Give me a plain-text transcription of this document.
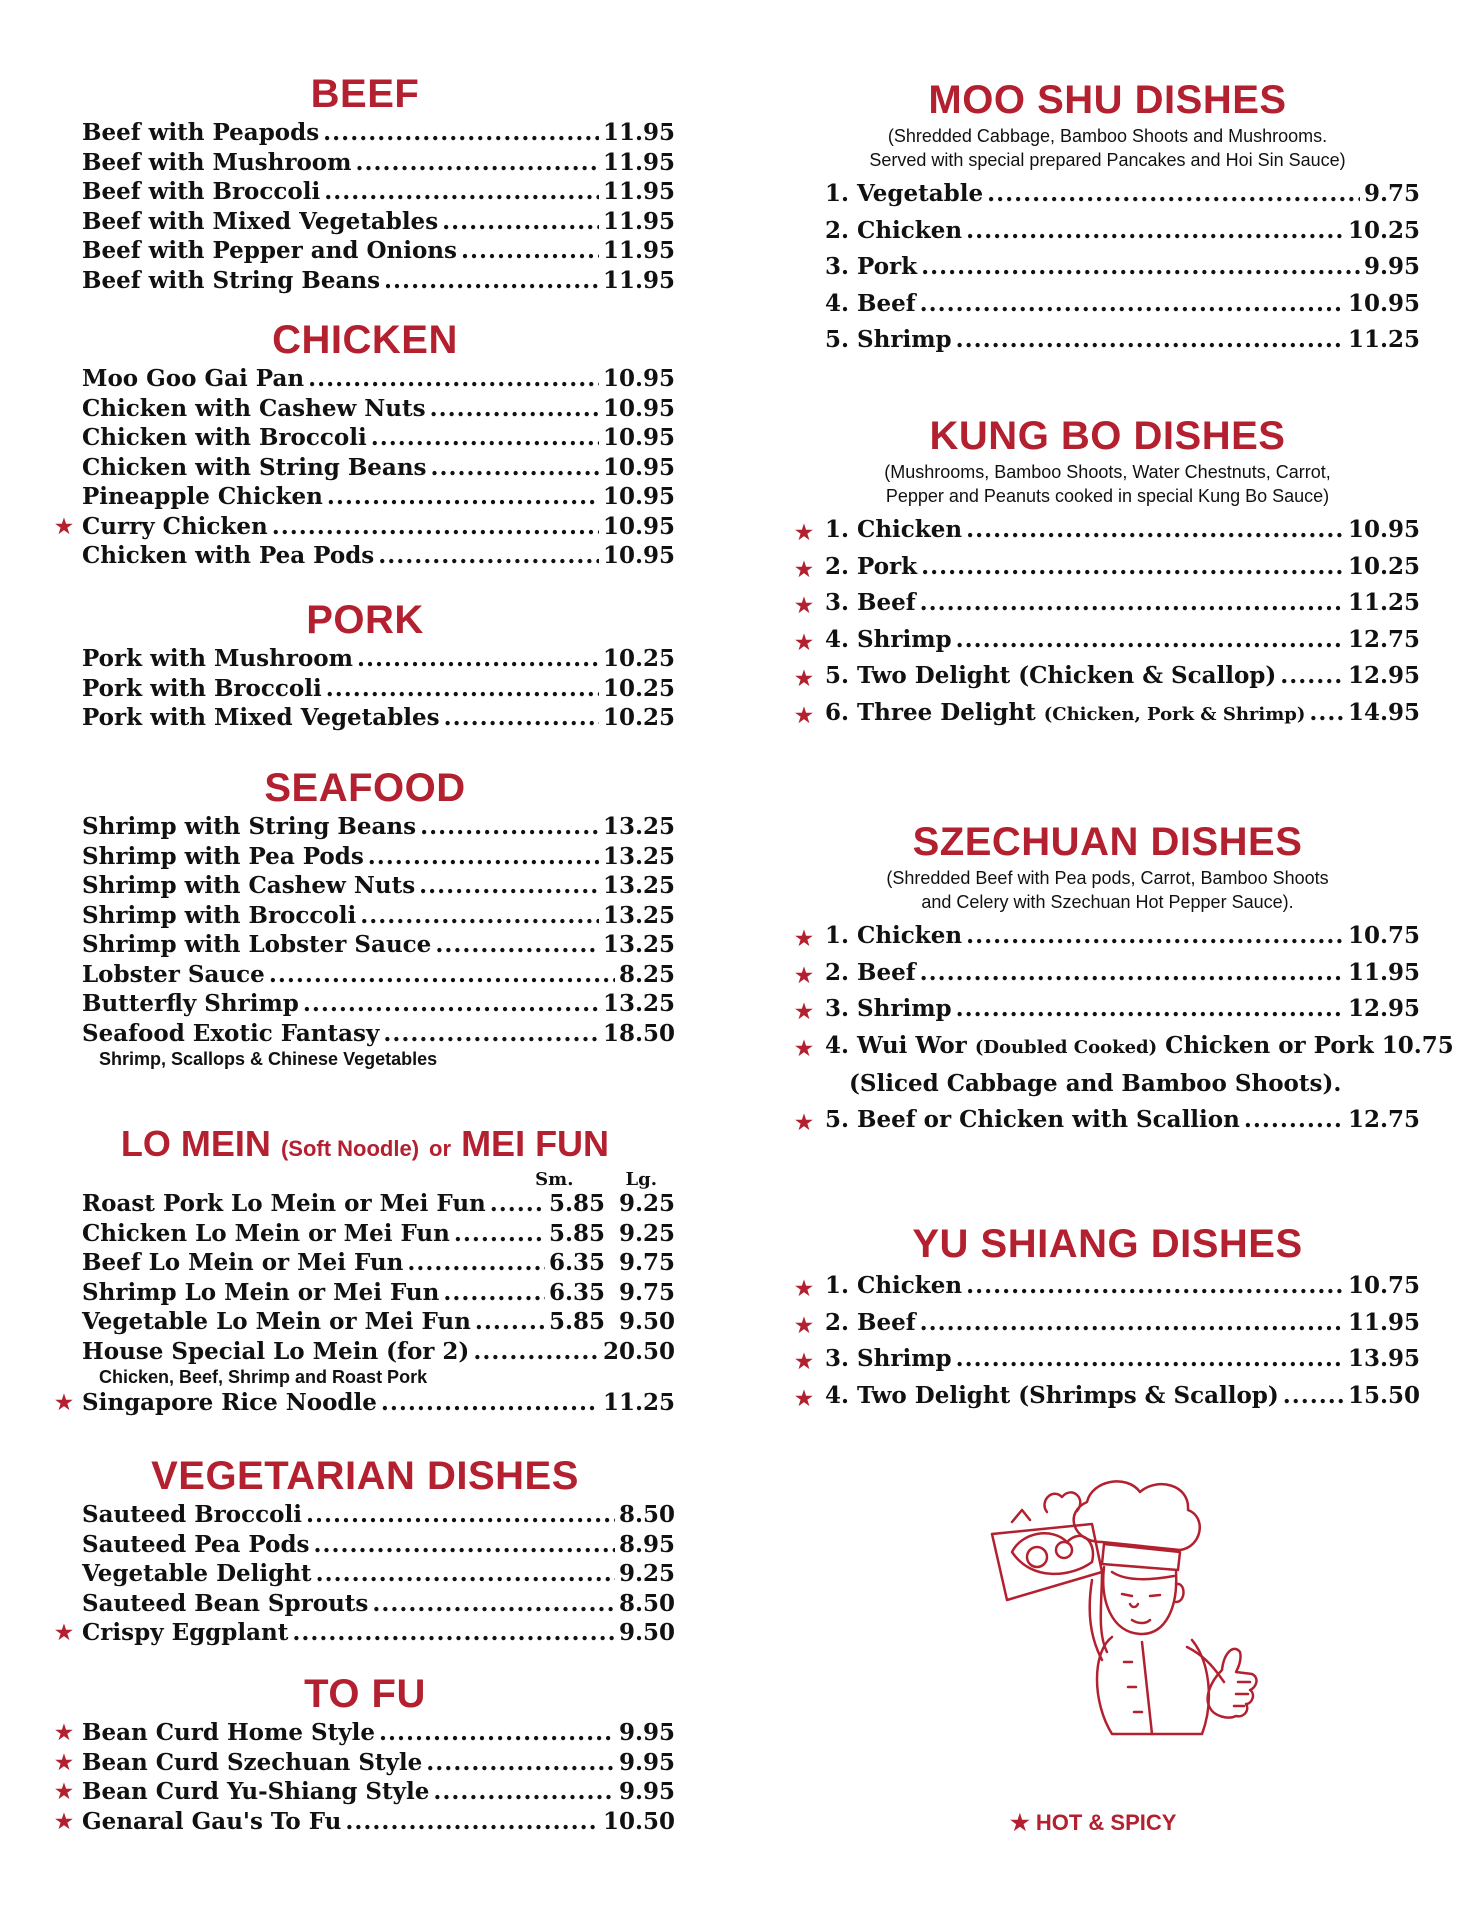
BEEF
Beef with Peapods .....	11.95
Beef with Mushroom .....	11.95
Beef with Broccoli .....	11.95
Beef with Mixed Vegetables .....	11.95
Beef with Pepper and Onions .....	11.95
Beef with String Beans .....	11.95
CHICKEN
Moo Goo Gai Pan .....	10.95
Chicken with Cashew Nuts .....	10.95
Chicken with Broccoli .....	10.95
Chicken with String Beans .....	10.95
Pineapple Chicken .....	10.95
★ Curry Chicken .....	10.95
Chicken with Pea Pods .....	10.95
PORK
Pork with Mushroom .....	10.25
Pork with Broccoli .....	10.25
Pork with Mixed Vegetables .....	10.25
SEAFOOD
Shrimp with String Beans .....	13.25
Shrimp with Pea Pods .....	13.25
Shrimp with Cashew Nuts .....	13.25
Shrimp with Broccoli .....	13.25
Shrimp with Lobster Sauce .....	13.25
Lobster Sauce .....	8.25
Butterfly Shrimp .....	13.25
Seafood Exotic Fantasy .....	18.50
Shrimp, Scallops & Chinese Vegetables
LO MEIN (Soft Noodle) or MEI FUN
Sm.	Lg.
Roast Pork Lo Mein or Mei Fun .....	5.85 9.25
Chicken Lo Mein or Mei Fun .....	5.85 9.25
Beef Lo Mein or Mei Fun .....	6.35 9.75
Shrimp Lo Mein or Mei Fun .....	6.35 9.75
Vegetable Lo Mein or Mei Fun .....	5.85 9.50
House Special Lo Mein (for 2) .....	20.50
Chicken, Beef, Shrimp and Roast Pork
★ Singapore Rice Noodle .....	11.25
VEGETARIAN DISHES
Sauteed Broccoli .....	8.50
Sauteed Pea Pods .....	8.95
Vegetable Delight .....	9.25
Sauteed Bean Sprouts .....	8.50
★ Crispy Eggplant .....	9.50
TO FU
★ Bean Curd Home Style .....	9.95
★ Bean Curd Szechuan Style .....	9.95
★ Bean Curd Yu-Shiang Style .....	9.95
★ Genaral Gau's To Fu .....	10.50
MOO SHU DISHES
(Shredded Cabbage, Bamboo Shoots and Mushrooms.
Served with special prepared Pancakes and Hoi Sin Sauce)
1. Vegetable .....	9.75
2. Chicken .....	10.25
3. Pork .....	9.95
4. Beef .....	10.95
5. Shrimp .....	11.25
KUNG BO DISHES
(Mushrooms, Bamboo Shoots, Water Chestnuts, Carrot,
Pepper and Peanuts cooked in special Kung Bo Sauce)
★ 1. Chicken .....	10.95
★ 2. Pork .....	10.25
★ 3. Beef .....	11.25
★ 4. Shrimp .....	12.75
★ 5. Two Delight (Chicken & Scallop) .....	12.95
★ 6. Three Delight (Chicken, Pork & Shrimp) ..... 14.95
SZECHUAN DISHES
(Shredded Beef with Pea pods, Carrot, Bamboo Shoots
and Celery with Szechuan Hot Pepper Sauce).
★ 1. Chicken .....	10.75
★ 2. Beef .....	11.95
★ 3. Shrimp .....	12.95
★ 4. Wui Wor (Doubled Cooked) Chicken or Pork 10.75
(Sliced Cabbage and Bamboo Shoots).
★ 5. Beef or Chicken with Scallion .....	12.75
YU SHIANG DISHES
★ 1. Chicken .....	10.75
★ 2. Beef .....	11.95
★ 3. Shrimp .....	13.95
★ 4. Two Delight (Shrimps & Scallop) .....	15.50
★ HOT & SPICY
